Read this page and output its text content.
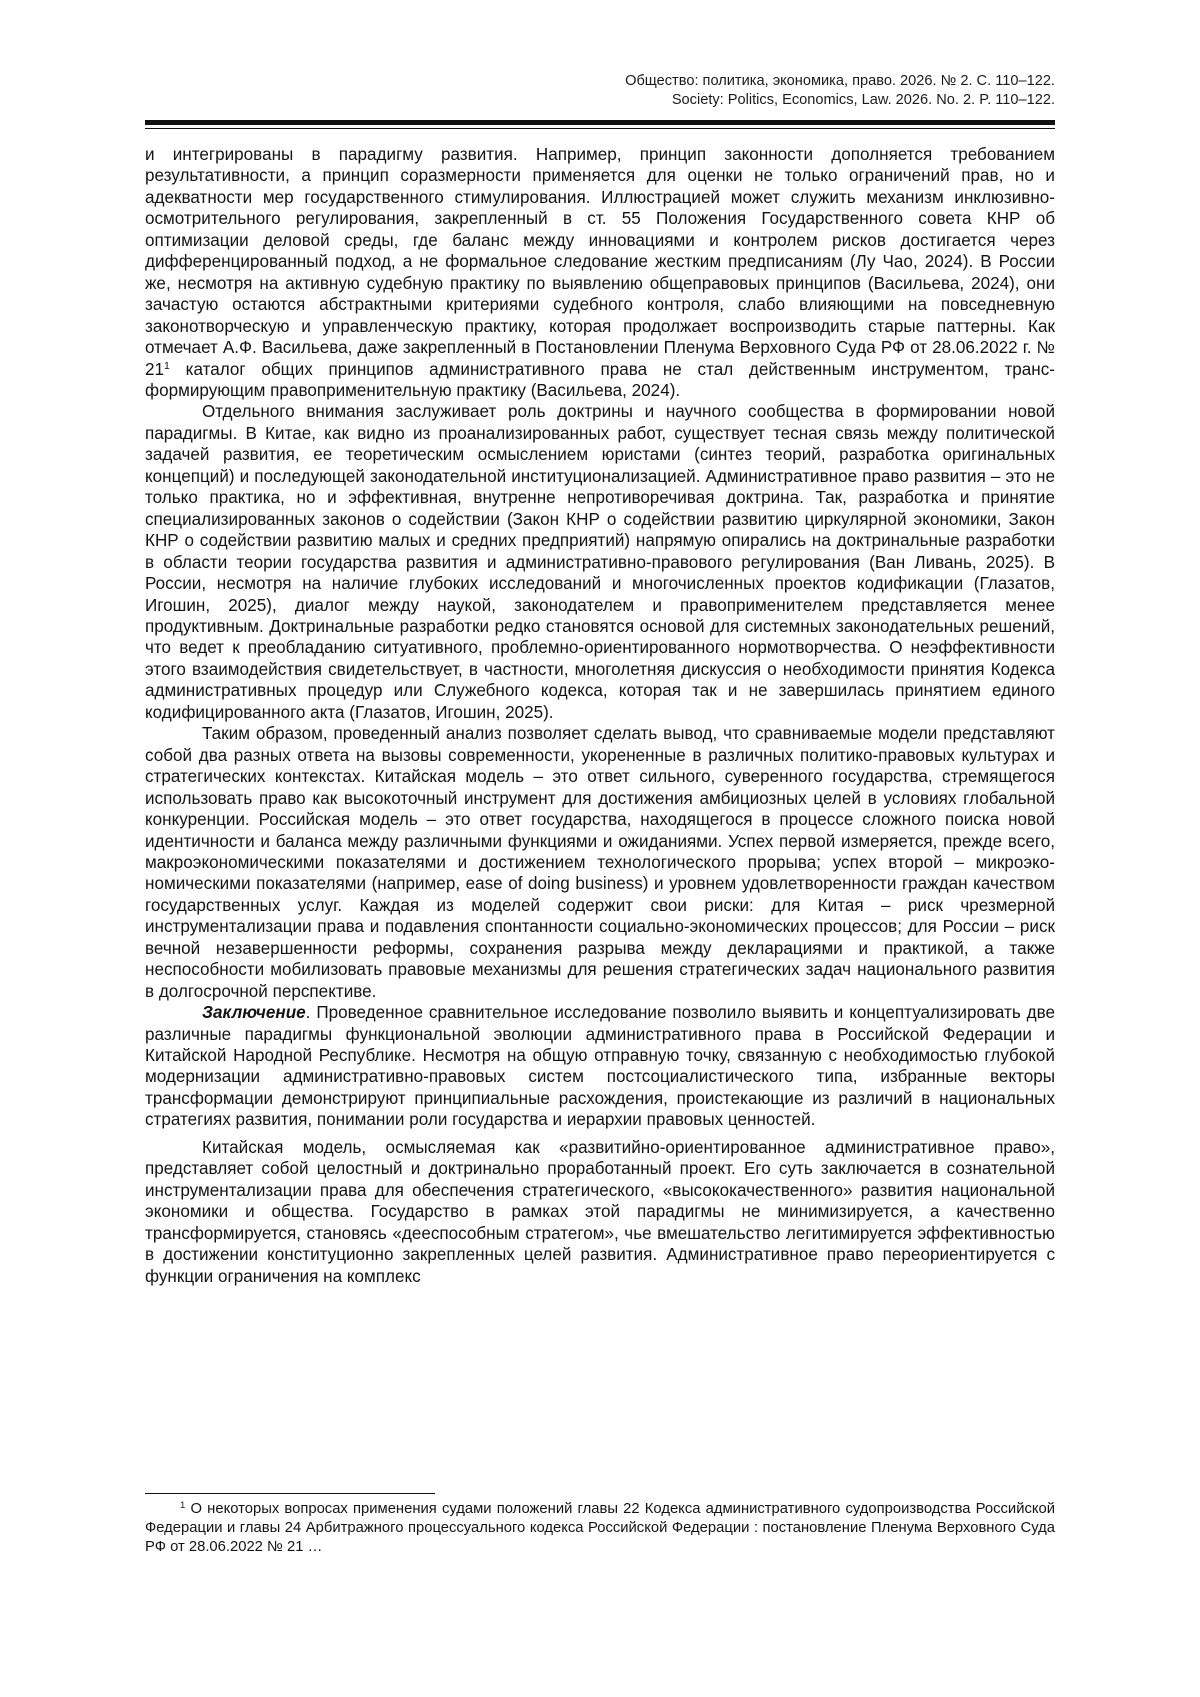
Общество: политика, экономика, право. 2026. № 2. С. 110–122.
Society: Politics, Economics, Law. 2026. No. 2. P. 110–122.

и интегрированы в парадигму развития. Например, принцип законности дополняется требованием результативности, а принцип соразмерности применяется для оценки не только ограничений прав, но и адекватности мер государственного стимулирования. Иллюстрацией может служить механизм инклюзивно-осмотрительного регулирования, закрепленный в ст. 55 Положения Государственного совета КНР об оптимизации деловой среды, где баланс между инновациями и контролем рисков достигается через дифференцированный подход, а не формальное следование жестким предписаниям (Лу Чао, 2024). В России же, несмотря на активную судебную практику по выявлению общеправовых принципов (Васильева, 2024), они зачастую остаются абстрактными критериями судебного контроля, слабо влияющими на повседневную законотворческую и управленческую практику, которая продолжает воспроизводить старые паттерны. Как отмечает А.Ф. Васильева, даже закрепленный в Постановлении Пленума Верховного Суда РФ от 28.06.2022 г. № $21^1$ каталог общих принципов административного права не стал действенным инструментом, трансформирующим правоприменительную практику (Васильева, 2024).

Отдельного внимания заслуживает роль доктрины и научного сообщества в формировании новой парадигмы. В Китае, как видно из проанализированных работ, существует тесная связь между политической задачей развития, ее теоретическим осмыслением юристами (синтез теорий, разработка оригинальных концепций) и последующей законодательной институционализацией. Административное право развития – это не только практика, но и эффективная, внутренне непротиворечивая доктрина. Так, разработка и принятие специализированных законов о содействии (Закон КНР о содействии развитию циркулярной экономики, Закон КНР о содействии развитию малых и средних предприятий) напрямую опирались на доктринальные разработки в области теории государства развития и административно-правового регулирования (Ван Ливань, 2025). В России, несмотря на наличие глубоких исследований и многочисленных проектов кодификации (Глазатов, Игошин, 2025), диалог между наукой, законодателем и правоприменителем представляется менее продуктивным. Доктринальные разработки редко становятся основой для системных законодательных решений, что ведет к преобладанию ситуативного, проблемно-ориентированного нормотворчества. О неэффективности этого взаимодействия свидетельствует, в частности, многолетняя дискуссия о необходимости принятия Кодекса административных процедур или Служебного кодекса, которая так и не завершилась принятием единого кодифицированного акта (Глазатов, Игошин, 2025).

Таким образом, проведенный анализ позволяет сделать вывод, что сравниваемые модели представляют собой два разных ответа на вызовы современности, укорененные в различных политико-правовых культурах и стратегических контекстах. Китайская модель – это ответ сильного, суверенного государства, стремящегося использовать право как высокоточный инструмент для достижения амбициозных целей в условиях глобальной конкуренции. Российская модель – это ответ государства, находящегося в процессе сложного поиска новой идентичности и баланса между различными функциями и ожиданиями. Успех первой измеряется, прежде всего, макроэкономическими показателями и достижением технологического прорыва; успех второй – микроэкономическими показателями (например, ease of doing business) и уровнем удовлетворенности граждан качеством государственных услуг. Каждая из моделей содержит свои риски: для Китая – риск чрезмерной инструментализации права и подавления спонтанности социально-экономических процессов; для России – риск вечной незавершенности реформы, сохранения разрыва между декларациями и практикой, а также неспособности мобилизовать правовые механизмы для решения стратегических задач национального развития в долгосрочной перспективе.

Заключение. Проведенное сравнительное исследование позволило выявить и концептуализировать две различные парадигмы функциональной эволюции административного права в Российской Федерации и Китайской Народной Республике. Несмотря на общую отправную точку, связанную с необходимостью глубокой модернизации административно-правовых систем постсоциалистического типа, избранные векторы трансформации демонстрируют принципиальные расхождения, проистекающие из различий в национальных стратегиях развития, понимании роли государства и иерархии правовых ценностей.

Китайская модель, осмысляемая как «развитийно-ориентированное административное право», представляет собой целостный и доктринально проработанный проект. Его суть заключается в сознательной инструментализации права для обеспечения стратегического, «высококачественного» развития национальной экономики и общества. Государство в рамках этой парадигмы не минимизируется, а качественно трансформируется, становясь «дееспособным стратегом», чье вмешательство легитимируется эффективностью в достижении конституционно закрепленных целей развития. Административное право переориентируется с функции ограничения на комплекс

$^1$ О некоторых вопросах применения судами положений главы 22 Кодекса административного судопроизводства Российской Федерации и главы 24 Арбитражного процессуального кодекса Российской Федерации : постановление Пленума Верховного Суда РФ от 28.06.2022 № 21 …
